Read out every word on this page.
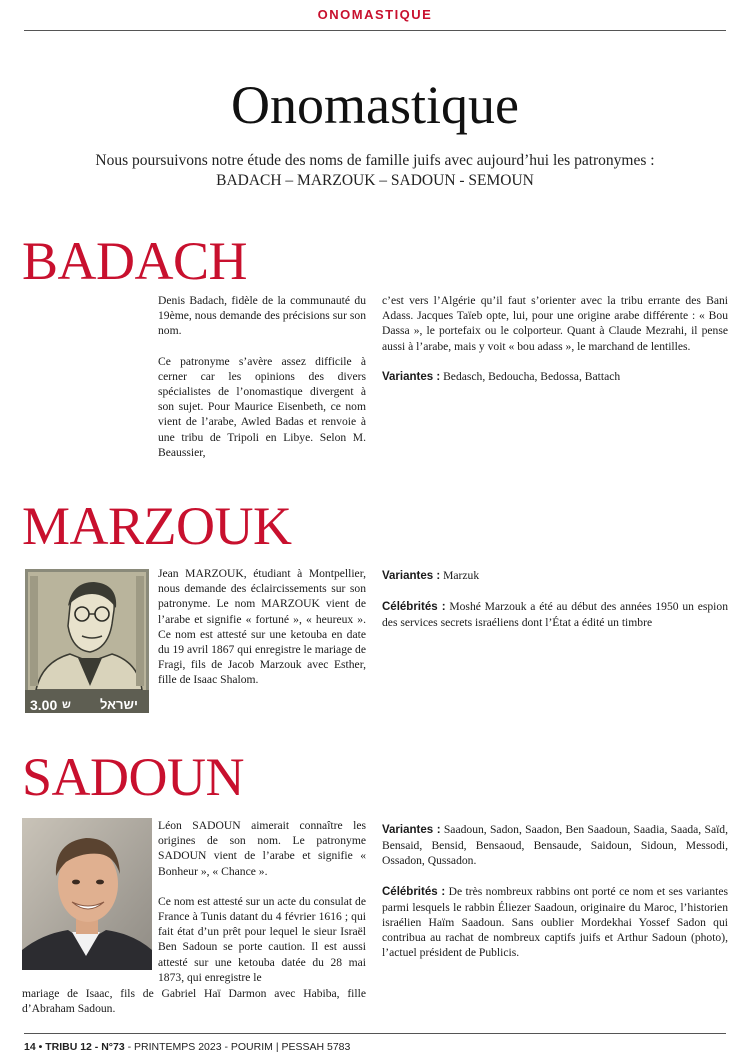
ONOMASTIQUE
Onomastique
Nous poursuivons notre étude des noms de famille juifs avec aujourd’hui les patronymes :
BADACH – MARZOUK – SADOUN - SEMOUN
BADACH

Denis Badach, fidèle de la communauté du 19ème, nous demande des précisions sur son nom.

Ce patronyme s’avère assez difficile à cerner car les opinions des divers spécialistes de l’onomastique divergent à son sujet. Pour Maurice Eisenbeth, ce nom vient de l’arabe, Awled Badas et renvoie à une tribu de Tripoli en Libye. Selon M. Beaussier,

c’est vers l’Algérie qu’il faut s’orienter avec la tribu errante des Bani Adass. Jacques Taïeb opte, lui, pour une origine arabe différente : « Bou Dassa », le portefaix ou le colporteur. Quant à Claude Mezrahi, il pense aussi à l’arabe, mais y voit « bou adass », le marchand de lentilles.

Variantes : Bedasch, Bedoucha, Bedossa, Battach

MARZOUK
ישראל
3.00 ש

Jean MARZOUK, étudiant à Montpellier, nous demande des éclaircissements sur son patronyme. Le nom MARZOUK vient de l’arabe et signifie « fortuné », « heureux ». Ce nom est attesté sur une ketouba en date du 19 avril 1867 qui enregistre le mariage de Fragi, fils de Jacob Marzouk avec Esther, fille de Isaac Shalom.

Variantes : Marzuk

Célébrités : Moshé Marzouk a été au début des années 1950 un espion des services secrets israéliens dont l’État a édité un timbre

SADOUN

Léon SADOUN aimerait connaître les origines de son nom. Le patronyme SADOUN vient de l’arabe et signifie « Bonheur », « Chance ».

Ce nom est attesté sur un acte du consulat de France à Tunis datant du 4 février 1616 ; qui fait état d’un prêt pour lequel le sieur Israël Ben Sadoun se porte caution. Il est aussi attesté sur une ketouba datée du 28 mai 1873, qui enregistre le

mariage de Isaac, fils de Gabriel Haï Darmon avec Habiba, fille d’Abraham Sadoun.

Variantes : Saadoun, Sadon, Saadon, Ben Saadoun, Saadia, Saada, Saïd, Bensaid, Bensid, Bensaoud, Bensaude, Saidoun, Sidoun, Messodi, Ossadon, Qussadon.

Célébrités : De très nombreux rabbins ont porté ce nom et ses variantes parmi lesquels le rabbin Éliezer Saadoun, originaire du Maroc, l’historien israélien Haïm Saadoun. Sans oublier Mordekhai Yossef Sadon qui contribua au rachat de nombreux captifs juifs et Arthur Sadoun (photo), l’actuel président de Publicis.

14 • TRIBU 12 - N°73 - PRINTEMPS 2023 - POURIM | PESSAH 5783
